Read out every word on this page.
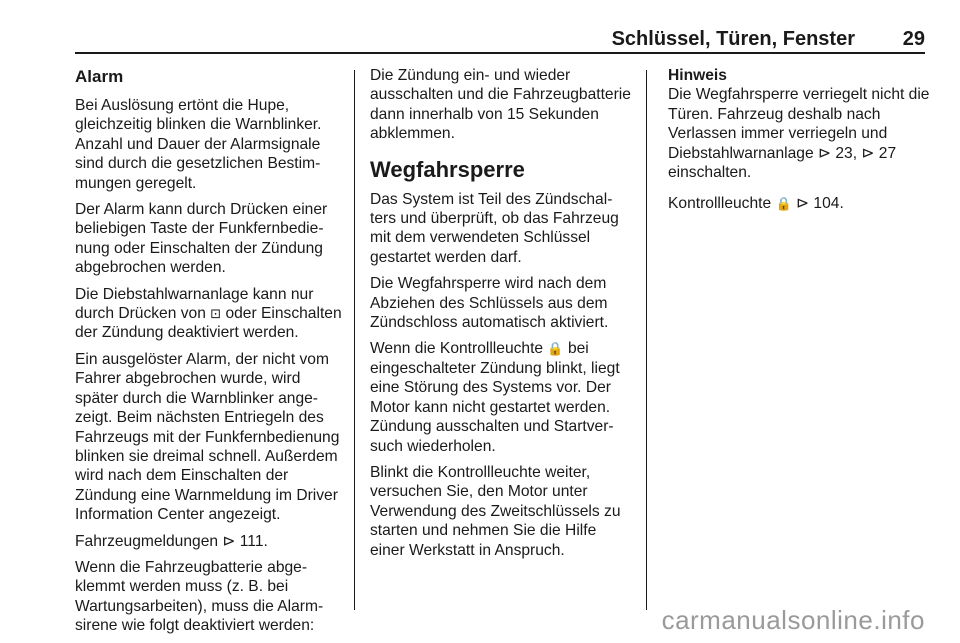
Schlüssel, Türen, Fenster 29
Alarm

Bei Auslösung ertönt die Hupe, gleichzeitig blinken die Warnblinker. Anzahl und Dauer der Alarmsignale sind durch die gesetzlichen Bestimmungen geregelt.

Der Alarm kann durch Drücken einer beliebigen Taste der Funkfernbedienung oder Einschalten der Zündung abgebrochen werden.

Die Diebstahlwarnanlage kann nur durch Drücken von ⊡ oder Einschalten der Zündung deaktiviert werden.

Ein ausgelöster Alarm, der nicht vom Fahrer abgebrochen wurde, wird später durch die Warnblinker angezeigt. Beim nächsten Entriegeln des Fahrzeugs mit der Funkfernbedienung blinken sie dreimal schnell. Außerdem wird nach dem Einschalten der Zündung eine Warnmeldung im Driver Information Center angezeigt.

Fahrzeugmeldungen ⊳ 111.

Wenn die Fahrzeugbatterie abgeklemmt werden muss (z. B. bei Wartungsarbeiten), muss die Alarmsirene wie folgt deaktiviert werden:

Die Zündung ein- und wieder ausschalten und die Fahrzeugbatterie dann innerhalb von 15 Sekunden abklemmen.

Wegfahrsperre

Das System ist Teil des Zündschalters und überprüft, ob das Fahrzeug mit dem verwendeten Schlüssel gestartet werden darf.

Die Wegfahrsperre wird nach dem Abziehen des Schlüssels aus dem Zündschloss automatisch aktiviert.

Wenn die Kontrollleuchte 🔒 bei eingeschalteter Zündung blinkt, liegt eine Störung des Systems vor. Der Motor kann nicht gestartet werden. Zündung ausschalten und Startversuch wiederholen.

Blinkt die Kontrollleuchte weiter, versuchen Sie, den Motor unter Verwendung des Zweitschlüssels zu starten und nehmen Sie die Hilfe einer Werkstatt in Anspruch.

Hinweis
Die Wegfahrsperre verriegelt nicht die Türen. Fahrzeug deshalb nach Verlassen immer verriegeln und Diebstahlwarnanlage ⊳ 23, ⊳ 27
einschalten.

Kontrollleuchte 🔒 ⊳ 104.

carmanualsonline.info
